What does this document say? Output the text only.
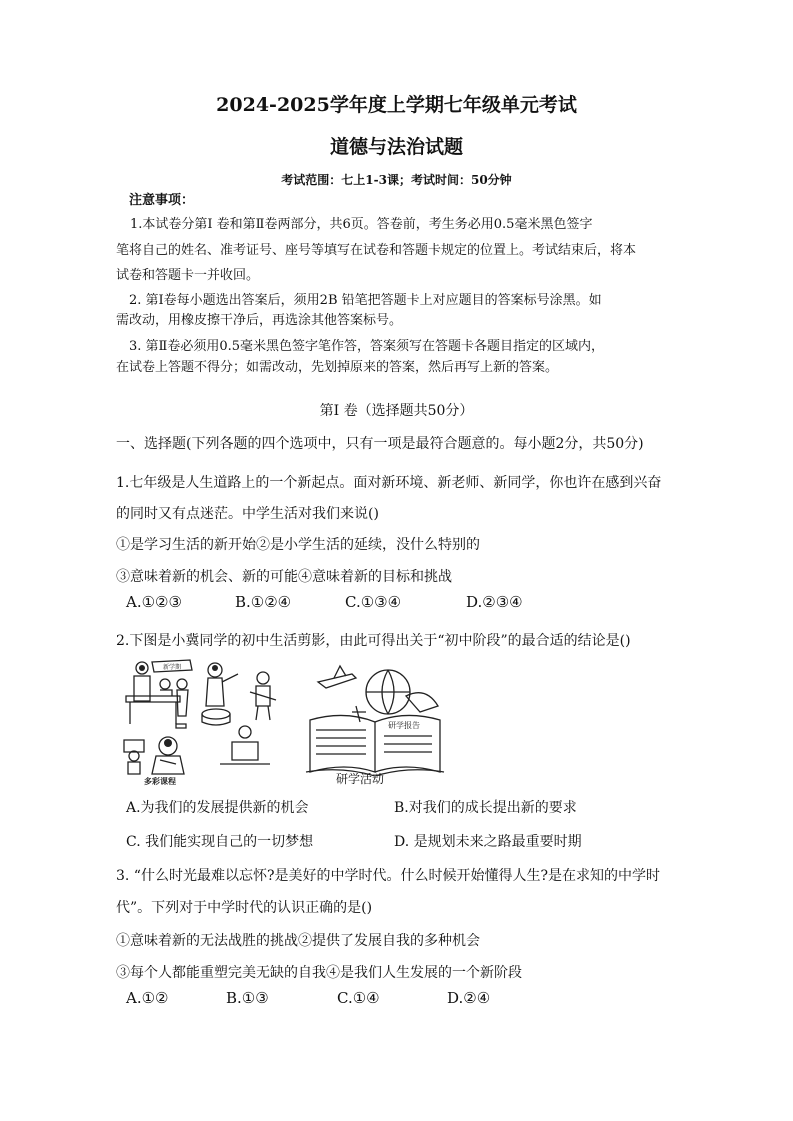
2024-2025学年度上学期七年级单元考试
道德与法治试题
考试范围：七上1-3课；考试时间：50分钟
注意事项：
1.本试卷分第Ⅰ 卷和第Ⅱ卷两部分，共6页。答卷前，考生务必用0.5毫米黑色签字
笔将自己的姓名、准考证号、座号等填写在试卷和答题卡规定的位置上。考试结束后，将本
试卷和答题卡一并收回。
2. 第Ⅰ卷每小题选出答案后，须用2B 铅笔把答题卡上对应题目的答案标号涂黑。如
需改动，用橡皮擦干净后，再选涂其他答案标号。
3. 第Ⅱ卷必须用0.5毫米黑色签字笔作答，答案须写在答题卡各题目指定的区域内，
在试卷上答题不得分；如需改动，先划掉原来的答案，然后再写上新的答案。
第Ⅰ 卷（选择题共50分）
一、选择题(下列各题的四个选项中，只有一项是最符合题意的。每小题2分，共50分)
1.七年级是人生道路上的一个新起点。面对新环境、新老师、新同学，你也许在感到兴奋
的同时又有点迷茫。中学生活对我们来说()
①是学习生活的新开始②是小学生活的延续，没什么特别的
③意味着新的机会、新的可能④意味着新的目标和挑战
A.①②③	B.①②④	C.①③④	D.②③④
2.下图是小冀同学的初中生活剪影，由此可得出关于“初中阶段”的最合适的结论是()
新学期
研学报告
多彩课程	研学活动
A.为我们的发展提供新的机会	B.对我们的成长提出新的要求
C. 我们能实现自己的一切梦想	D. 是规划未来之路最重要时期
3. “什么时光最难以忘怀?是美好的中学时代。什么时候开始懂得人生?是在求知的中学时
代”。下列对于中学时代的认识正确的是()
①意味着新的无法战胜的挑战②提供了发展自我的多种机会
③每个人都能重塑完美无缺的自我④是我们人生发展的一个新阶段
A.①②	B.①③	C.①④	D.②④
